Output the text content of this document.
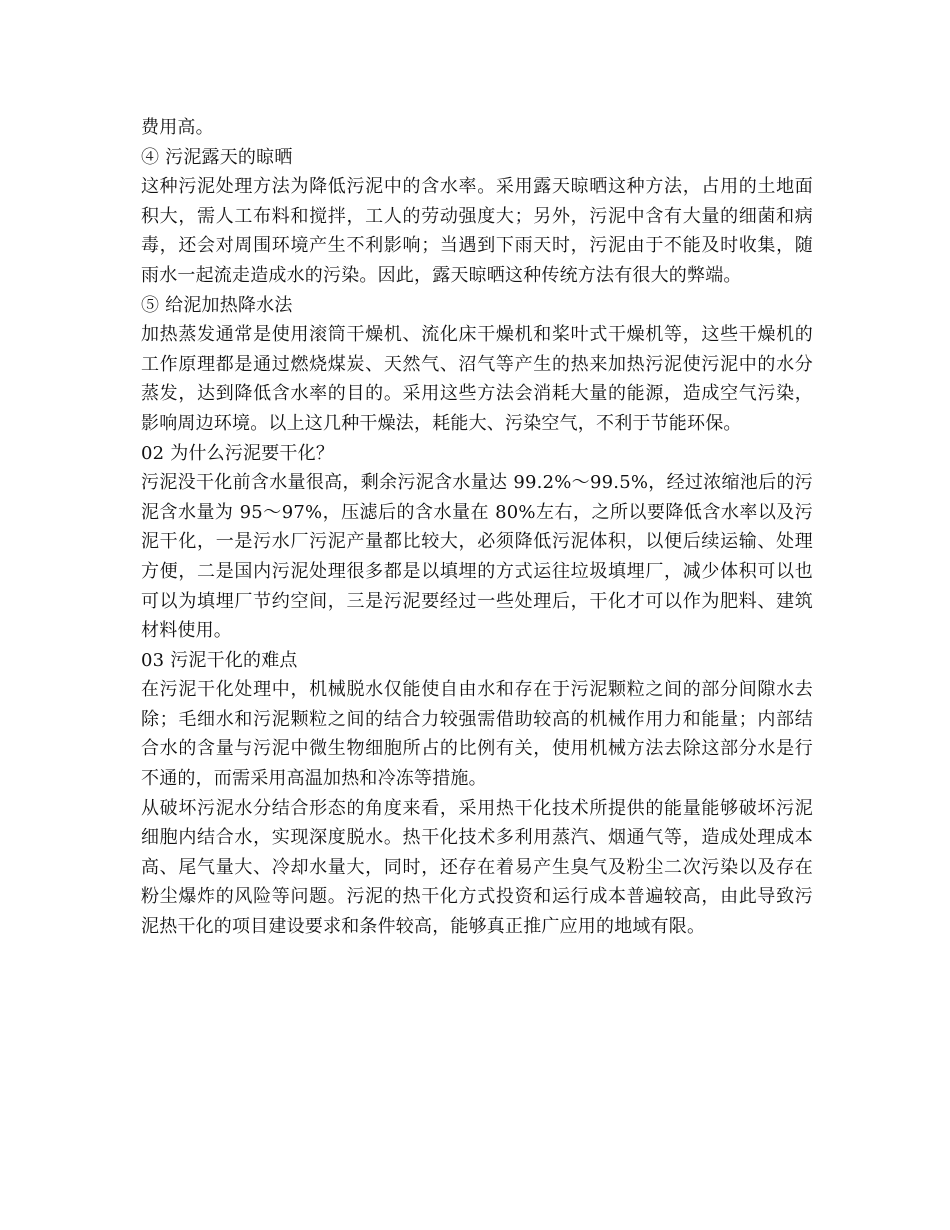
费用高。

④ 污泥露天的晾晒

这种污泥处理方法为降低污泥中的含水率。采用露天晾晒这种方法，占用的土地面积大，需人工布料和搅拌，工人的劳动强度大；另外，污泥中含有大量的细菌和病毒，还会对周围环境产生不利影响；当遇到下雨天时，污泥由于不能及时收集，随雨水一起流走造成水的污染。因此，露天晾晒这种传统方法有很大的弊端。

⑤ 给泥加热降水法

加热蒸发通常是使用滚筒干燥机、流化床干燥机和桨叶式干燥机等，这些干燥机的工作原理都是通过燃烧煤炭、天然气、沼气等产生的热来加热污泥使污泥中的水分蒸发，达到降低含水率的目的。采用这些方法会消耗大量的能源，造成空气污染，影响周边环境。以上这几种干燥法，耗能大、污染空气，不利于节能环保。

02 为什么污泥要干化？

污泥没干化前含水量很高，剩余污泥含水量达 99.2%～99.5%，经过浓缩池后的污泥含水量为 95～97%，压滤后的含水量在 80%左右，之所以要降低含水率以及污泥干化，一是污水厂污泥产量都比较大，必须降低污泥体积，以便后续运输、处理方便，二是国内污泥处理很多都是以填埋的方式运往垃圾填埋厂，减少体积可以也可以为填埋厂节约空间，三是污泥要经过一些处理后，干化才可以作为肥料、建筑材料使用。

03 污泥干化的难点

在污泥干化处理中，机械脱水仅能使自由水和存在于污泥颗粒之间的部分间隙水去除；毛细水和污泥颗粒之间的结合力较强需借助较高的机械作用力和能量；内部结合水的含量与污泥中微生物细胞所占的比例有关，使用机械方法去除这部分水是行不通的，而需采用高温加热和冷冻等措施。

从破坏污泥水分结合形态的角度来看，采用热干化技术所提供的能量能够破坏污泥细胞内结合水，实现深度脱水。热干化技术多利用蒸汽、烟通气等，造成处理成本高、尾气量大、冷却水量大，同时，还存在着易产生臭气及粉尘二次污染以及存在粉尘爆炸的风险等问题。污泥的热干化方式投资和运行成本普遍较高，由此导致污泥热干化的项目建设要求和条件较高，能够真正推广应用的地域有限。
